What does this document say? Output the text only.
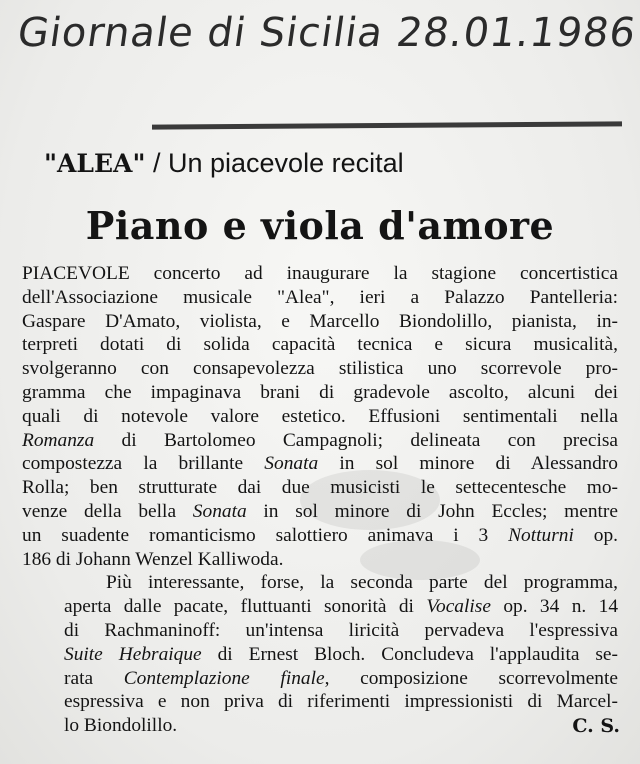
Giornale di Sicilia 28.01.1986
"ALEA" / Un piacevole recital
Piano e viola d'amore

PIACEVOLE concerto ad inaugurare la stagione concertistica
dell'Associazione musicale "Alea", ieri a Palazzo Pantelleria:
Gaspare D'Amato, violista, e Marcello Biondolillo, pianista, in-
terpreti dotati di solida capacità tecnica e sicura musicalità,
svolgeranno con consapevolezza stilistica uno scorrevole pro-
gramma che impaginava brani di gradevole ascolto, alcuni dei
quali di notevole valore estetico. Effusioni sentimentali nella
Romanza di Bartolomeo Campagnoli; delineata con precisa
compostezza la brillante Sonata in sol minore di Alessandro
Rolla; ben strutturate dai due musicisti le settecentesche mo-
venze della bella Sonata in sol minore di John Eccles; mentre
un suadente romanticismo salottiero animava i 3 Notturni op.
186 di Johann Wenzel Kalliwoda.

Più interessante, forse, la seconda parte del programma,
aperta dalle pacate, fluttuanti sonorità di Vocalise op. 34 n. 14
di Rachmaninoff: un'intensa liricità pervadeva l'espressiva
Suite Hebraique di Ernest Bloch. Concludeva l'applaudita se-
rata Contemplazione finale, composizione scorrevolmente
espressiva e non priva di riferimenti impressionisti di Marcel-
lo Biondolillo.	C. S.
